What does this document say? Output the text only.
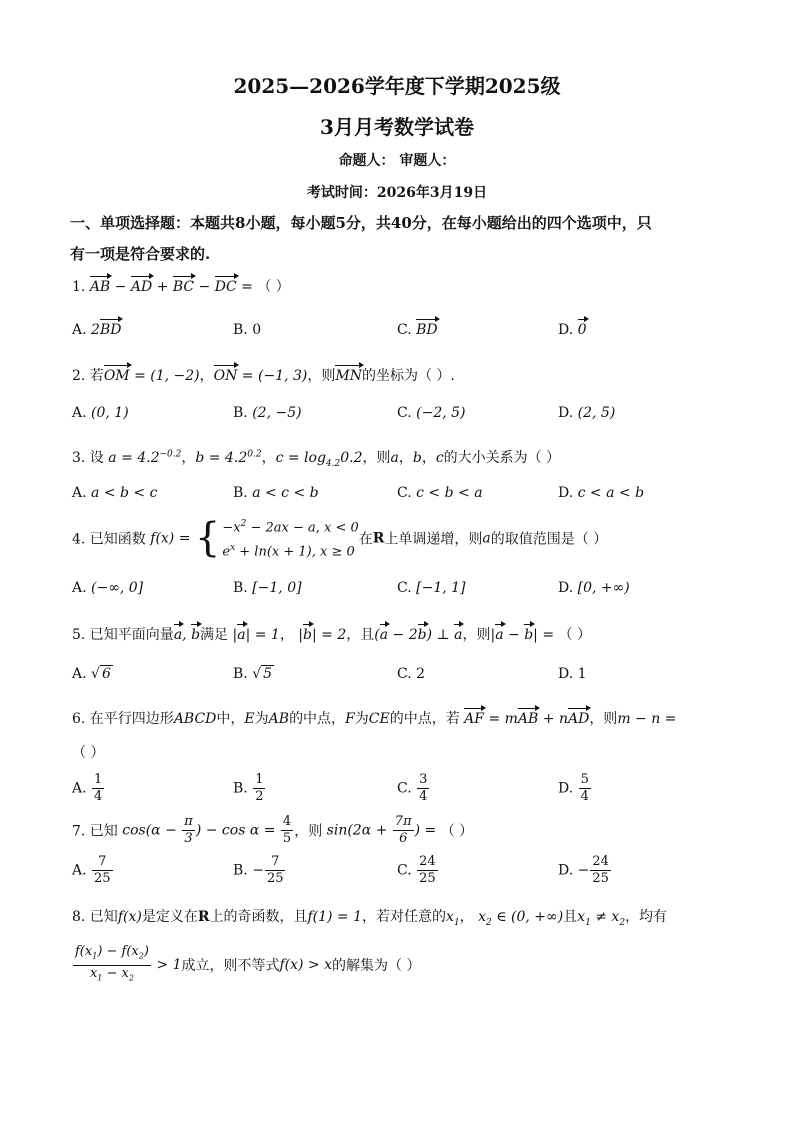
2025—2026学年度下学期2025级
3月月考数学试卷
命题人： 审题人：
考试时间：2026年3月19日
一、单项选择题：本题共8小题，每小题5分，共40分，在每小题给出的四个选项中，只
有一项是符合要求的.
1. AB − AD + BC − DC = （ ）
A. 2BD	B. 0	C. BD	D. 0
2. 若OM = (1, −2)，ON = (−1, 3)，则MN的坐标为（ ）.
A. (0, 1)	B. (2, −5)	C. (−2, 5)	D. (2, 5)
3. 设 $a = 4.2^{-0.2}$，$b = 4.2^{0.2}$，$c = \log_{4.2}0.2$，则a，b，c的大小关系为（ ）
A. a < b < c	B. a < c < b	C. c < b < a	D. c < a < b
4. 已知函数 f(x) = { $-x^2 - 2ax - a$, x < 0
$e^x + \ln(x + 1)$, x ≥ 0
在R上单调递增，则a的取值范围是（ ）
A. (−∞, 0]	B. [−1, 0]	C. [−1, 1]	D. [0, +∞)
5. 已知平面向量a, b满足 |a| = 1， |b| = 2，且(a − 2b) ⊥ a，则|a − b| = （ ）
A. √ 6	B. √ 5	C. 2	D. 1
6. 在平行四边形ABCD中，E为AB的中点，F为CE的中点，若 AF = mAB + nAD，则m − n =
（ ）
A. $\frac{1}{4}$	B. $\frac{1}{2}$	C. $\frac{3}{4}$	D. $\frac{5}{4}$
7. 已知 $\cos(\alpha - \frac{\pi}{3}$ ) − $\cos \alpha = \frac{4}{5}$ ，则 $\sin(2\alpha + \frac{7\pi}{6}$ ) = （ ）
A. $\frac{7}{25}$	B. − $\frac{7}{25}$	C. $\frac{24}{25}$	D. − $\frac{24}{25}$
8. 已知f(x)是定义在R上的奇函数，且f(1) = 1，若对任意的$x_1$， $x_2$ ∈ (0, +∞)且$x_1 \ne x_2$，均有
$\frac{f(x_1) - f(x_2)}{x_1 - x_2} > 1$成立，则不等式f(x) > x的解集为（ ）
